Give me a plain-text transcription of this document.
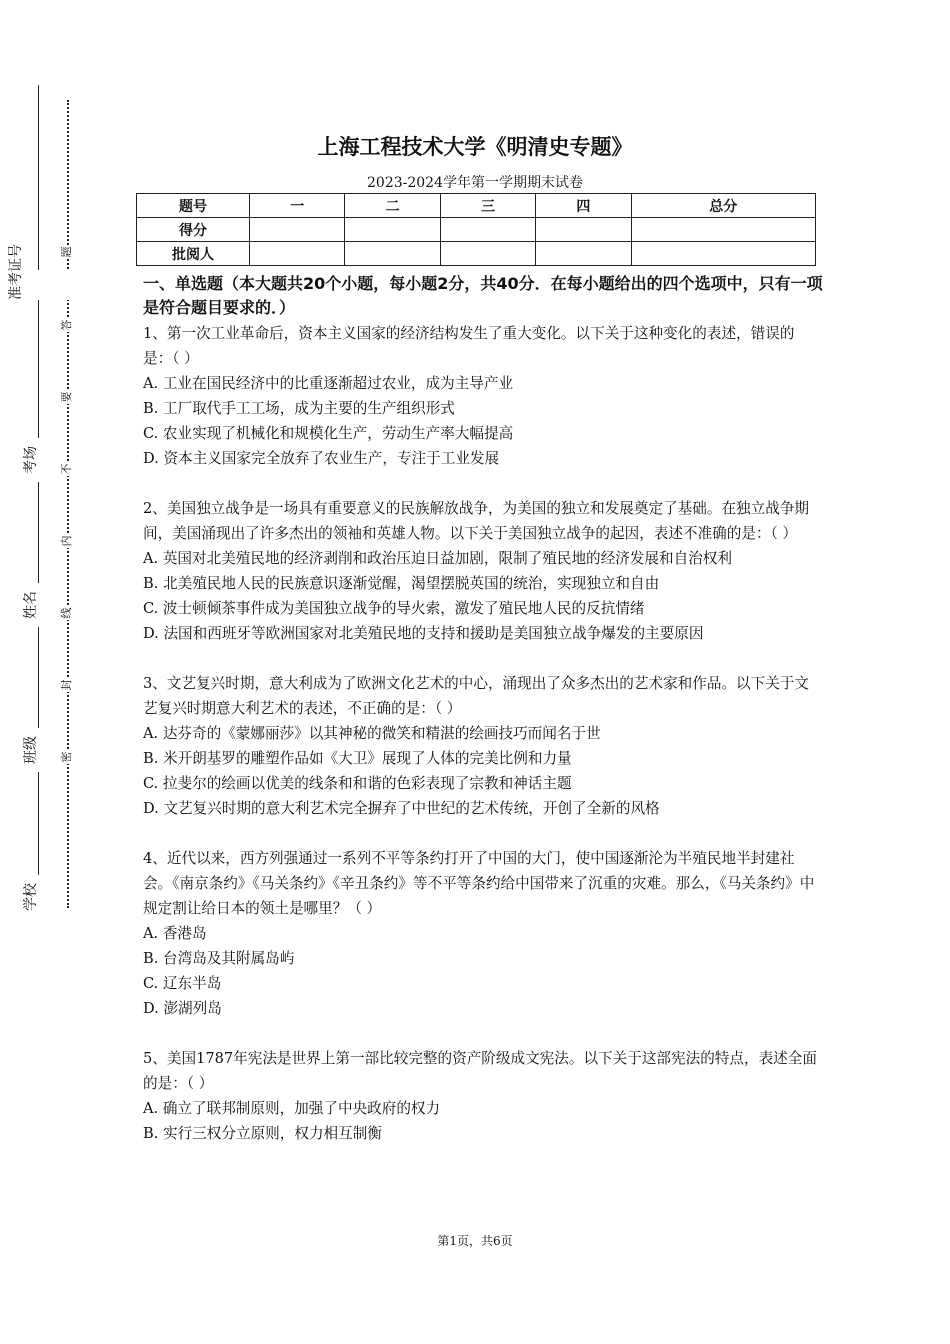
准考证号
考场
姓名
班级
学校
题
答
要
不
内
线
封
密
上海工程技术大学《明清史专题》
2023-2024学年第一学期期末试卷
题号	一	二	三	四	总分
得分					
批阅人					
一、单选题（本大题共20个小题，每小题2分，共40分．在每小题给出的四个选项中，只有一项是符合题目要求的．）

1、第一次工业革命后，资本主义国家的经济结构发生了重大变化。以下关于这种变化的表述，错误的是：（ ）

A. 工业在国民经济中的比重逐渐超过农业，成为主导产业

B. 工厂取代手工工场，成为主要的生产组织形式

C. 农业实现了机械化和规模化生产，劳动生产率大幅提高

D. 资本主义国家完全放弃了农业生产，专注于工业发展

2、美国独立战争是一场具有重要意义的民族解放战争，为美国的独立和发展奠定了基础。在独立战争期间，美国涌现出了许多杰出的领袖和英雄人物。以下关于美国独立战争的起因，表述不准确的是：（ ）

A. 英国对北美殖民地的经济剥削和政治压迫日益加剧，限制了殖民地的经济发展和自治权利

B. 北美殖民地人民的民族意识逐渐觉醒，渴望摆脱英国的统治，实现独立和自由

C. 波士顿倾茶事件成为美国独立战争的导火索，激发了殖民地人民的反抗情绪

D. 法国和西班牙等欧洲国家对北美殖民地的支持和援助是美国独立战争爆发的主要原因

3、文艺复兴时期，意大利成为了欧洲文化艺术的中心，涌现出了众多杰出的艺术家和作品。以下关于文艺复兴时期意大利艺术的表述，不正确的是：（ ）

A. 达芬奇的《蒙娜丽莎》以其神秘的微笑和精湛的绘画技巧而闻名于世

B. 米开朗基罗的雕塑作品如《大卫》展现了人体的完美比例和力量

C. 拉斐尔的绘画以优美的线条和和谐的色彩表现了宗教和神话主题

D. 文艺复兴时期的意大利艺术完全摒弃了中世纪的艺术传统，开创了全新的风格

4、近代以来，西方列强通过一系列不平等条约打开了中国的大门，使中国逐渐沦为半殖民地半封建社会。《南京条约》《马关条约》《辛丑条约》等不平等条约给中国带来了沉重的灾难。那么，《马关条约》中规定割让给日本的领土是哪里？（ ）

A. 香港岛

B. 台湾岛及其附属岛屿

C. 辽东半岛

D. 澎湖列岛

5、美国1787年宪法是世界上第一部比较完整的资产阶级成文宪法。以下关于这部宪法的特点，表述全面的是：（ ）

A. 确立了联邦制原则，加强了中央政府的权力

B. 实行三权分立原则，权力相互制衡

第1页，共6页
